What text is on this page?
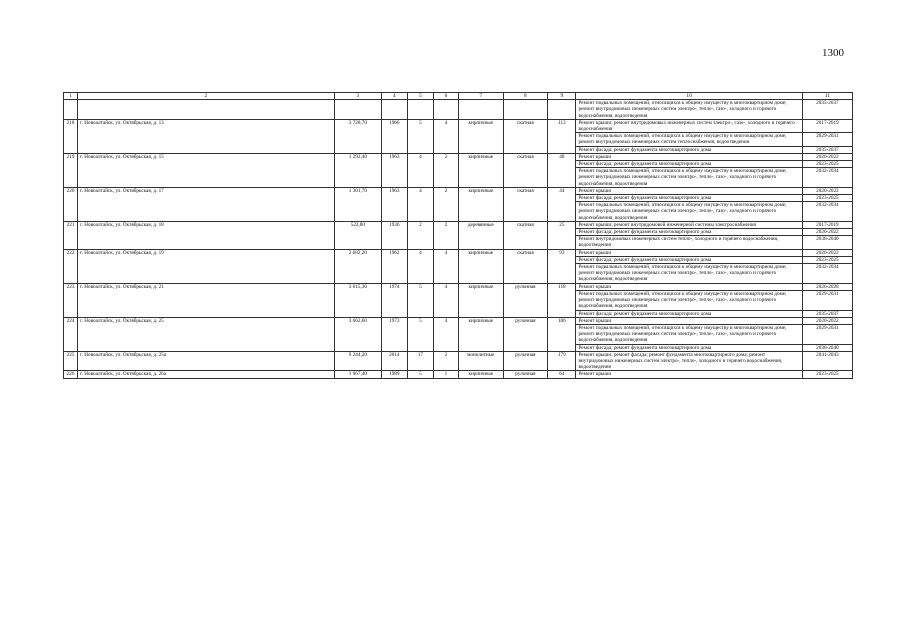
1300
1	2	3	4	5	6	7	8	9	10	11
									Ремонт подвальных помещений, относящихся к общему имуществу в многоквартирном доме; ремонт внутридомовых инженерных систем электро-, тепло-, газо-, холодного и горячего водоснабжения, водоотведения	2035-2037
218	г. Новоалтайск, ул. Октябрьская, д. 13	3 728,70	1966	5	4	кирпичные	скатная	113	Ремонт крыши; ремонт внутридомовых инженерных систем электро-, газо-, холодного и горячего водоснабжения	2017-2019
									Ремонт подвальных помещений, относящихся к общему имуществу в многоквартирном доме; ремонт внутридомовых инженерных систем теплоснабжения, водоотведения	2029-2031
									Ремонт фасада; ремонт фундамента многоквартирного дома	2035-2037
219	г. Новоалтайск, ул. Октябрьская, д. 15	1 292,40	1963	4	2	кирпичные	скатная	48	Ремонт крыши	2020-2022
									Ремонт фасада; ремонт фундамента многоквартирного дома	2023-2025
									Ремонт подвальных помещений, относящихся к общему имуществу в многоквартирном доме; ремонт внутридомовых инженерных систем электро-, тепло-, газо-, холодного и горячего водоснабжения, водоотведения	2032-2034
220	г. Новоалтайск, ул. Октябрьская, д. 17	1 301,70	1963	4	2	кирпичные	скатная	44	Ремонт крыши	2020-2022
									Ремонт фасада; ремонт фундамента многоквартирного дома	2023-2025
									Ремонт подвальных помещений, относящихся к общему имуществу в многоквартирном доме; ремонт внутридомовых инженерных систем электро-, тепло-, газо-, холодного и горячего водоснабжения, водоотведения	2032-2034
221	г. Новоалтайск, ул. Октябрьская, д. 18	522,80	1936	2	2	деревянные	скатная	25	Ремонт крыши; ремонт внутридомовой инженерной системы электроснабжения	2017-2019
									Ремонт фасада; ремонт фундамента многоквартирного дома	2020-2022
									Ремонт внутридомовых инженерных систем тепло-, холодного и горячего водоснабжения, водоотведения	2038-2040
222	г. Новоалтайск, ул. Октябрьская, д. 19	2 682,20	1962	4	4	кирпичные	скатная	93	Ремонт крыши	2020-2022
									Ремонт фасада; ремонт фундамента многоквартирного дома	2023-2025
									Ремонт подвальных помещений, относящихся к общему имуществу в многоквартирном доме; ремонт внутридомовых инженерных систем электро-, тепло-, газо-, холодного и горячего водоснабжения, водоотведения	2032-2034
223	г. Новоалтайск, ул. Октябрьская, д. 21	3 615,30	1974	5	4	кирпичные	рулонная	118	Ремонт крыши	2026-2028
									Ремонт подвальных помещений, относящихся к общему имуществу в многоквартирном доме; ремонт внутридомовых инженерных систем электро-, тепло-, газо-, холодного и горячего водоснабжения, водоотведения	2029-2031
									Ремонт фасада; ремонт фундамента многоквартирного дома	2035-2037
224	г. Новоалтайск, ул. Октябрьская, д. 25	3 662,60	1973	5	4	кирпичные	рулонная	106	Ремонт крыши	2020-2022
									Ремонт подвальных помещений, относящихся к общему имуществу в многоквартирном доме; ремонт внутридомовых инженерных систем электро-, тепло-, газо-, холодного и горячего водоснабжения, водоотведения	2029-2031
									Ремонт фасада; ремонт фундамента многоквартирного дома	2038-2040
225	г. Новоалтайск, ул. Октябрьская, д. 25а	9 244,20	2014	17	2	монолитные	рулонная	179	Ремонт крыши; ремонт фасада; ремонт фундамента многоквартирного дома; ремонт внутридомовых инженерных систем электро-, тепло-, холодного и горячего водоснабжения, водоотведения	2041-2043
226	г. Новоалтайск, ул. Октябрьская, д. 26а	1 967,40	1989	5	1	кирпичные	рулонная	64	Ремонт крыши	2023-2025
